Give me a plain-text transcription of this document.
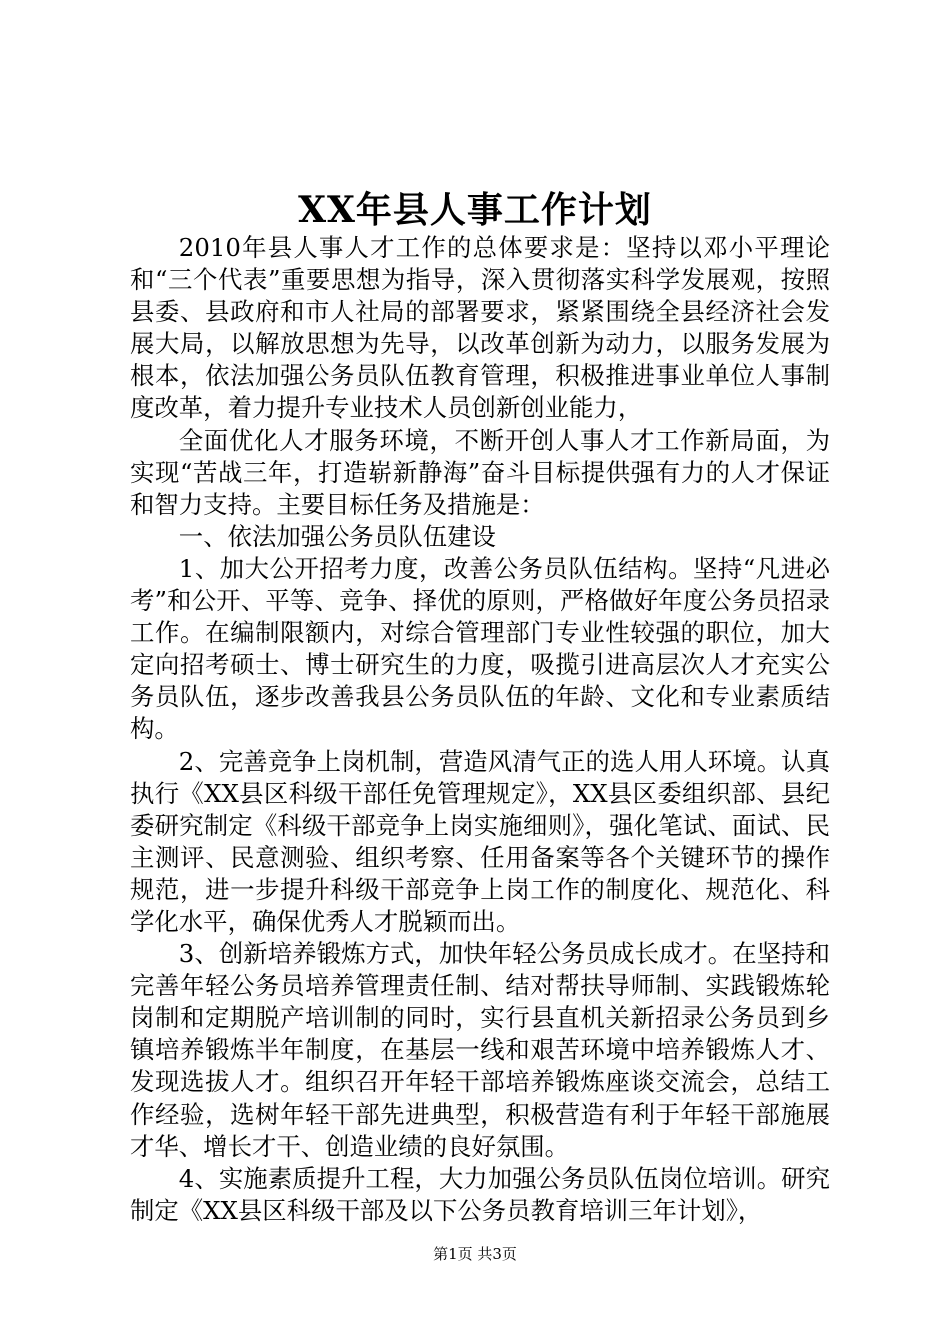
XX年县人事工作计划

2010年县人事人才工作的总体要求是：坚持以邓小平理论和“三个代表”重要思想为指导，深入贯彻落实科学发展观，按照县委、县政府和市人社局的部署要求，紧紧围绕全县经济社会发展大局，以解放思想为先导，以改革创新为动力，以服务发展为根本，依法加强公务员队伍教育管理，积极推进事业单位人事制度改革，着力提升专业技术人员创新创业能力，

全面优化人才服务环境，不断开创人事人才工作新局面，为实现“苦战三年，打造崭新静海”奋斗目标提供强有力的人才保证和智力支持。主要目标任务及措施是：

一、依法加强公务员队伍建设

1、加大公开招考力度，改善公务员队伍结构。坚持“凡进必考”和公开、平等、竞争、择优的原则，严格做好年度公务员招录工作。在编制限额内，对综合管理部门专业性较强的职位，加大定向招考硕士、博士研究生的力度，吸揽引进高层次人才充实公务员队伍，逐步改善我县公务员队伍的年龄、文化和专业素质结构。

2、完善竞争上岗机制，营造风清气正的选人用人环境。认真执行《XX县区科级干部任免管理规定》，XX县区委组织部、县纪委研究制定《科级干部竞争上岗实施细则》，强化笔试、面试、民主测评、民意测验、组织考察、任用备案等各个关键环节的操作规范，进一步提升科级干部竞争上岗工作的制度化、规范化、科学化水平，确保优秀人才脱颖而出。

3、创新培养锻炼方式，加快年轻公务员成长成才。在坚持和完善年轻公务员培养管理责任制、结对帮扶导师制、实践锻炼轮岗制和定期脱产培训制的同时，实行县直机关新招录公务员到乡镇培养锻炼半年制度，在基层一线和艰苦环境中培养锻炼人才、发现选拔人才。组织召开年轻干部培养锻炼座谈交流会，总结工作经验，选树年轻干部先进典型，积极营造有利于年轻干部施展才华、增长才干、创造业绩的良好氛围。

4、实施素质提升工程，大力加强公务员队伍岗位培训。研究制定《XX县区科级干部及以下公务员教育培训三年计划》，

第1页 共3页
